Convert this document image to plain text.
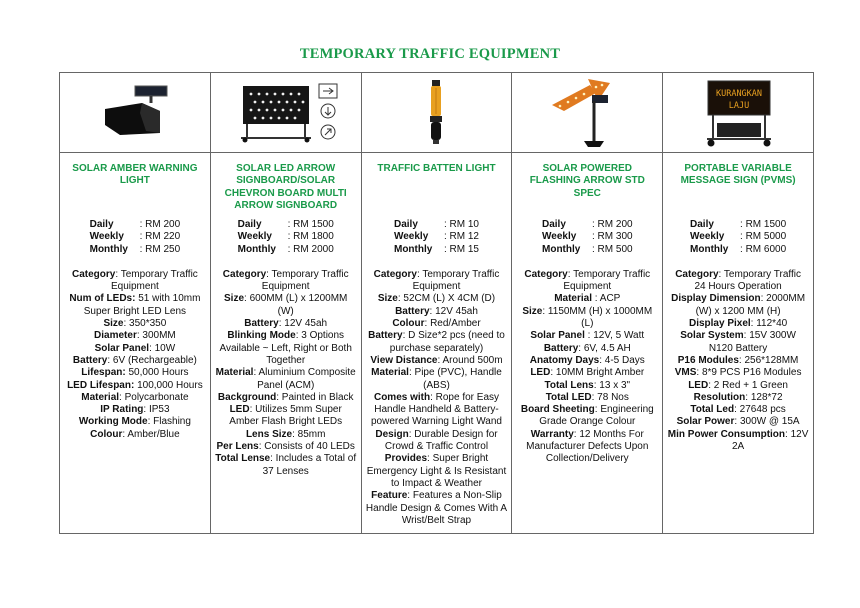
TEMPORARY TRAFFIC EQUIPMENT
SOLAR AMBER WARNING LIGHT
Daily	: RM 200
Weekly	: RM 220
Monthly	: RM 250
Category: Temporary Traffic Equipment
Num of LEDs: 51 with 10mm Super Bright LED Lens
Size: 350*350
Diameter: 300MM
Solar Panel: 10W
Battery: 6V (Rechargeable)
Lifespan: 50,000 Hours
LED Lifespan: 100,000 Hours
Material: Polycarbonate
IP Rating: IP53
Working Mode: Flashing
Colour: Amber/Blue
SOLAR LED ARROW SIGNBOARD/SOLAR CHEVRON BOARD MULTI ARROW SIGNBOARD
Daily	: RM 1500
Weekly	: RM 1800
Monthly	: RM 2000
Category: Temporary Traffic Equipment
Size: 600MM (L) x 1200MM (W)
Battery: 12V 45ah
Blinking Mode: 3 Options Available ~ Left, Right or Both Together
Material: Aluminium Composite Panel (ACM)
Background: Painted in Black
LED: Utilizes 5mm Super Amber Flash Bright LEDs
Lens Size: 85mm
Per Lens: Consists of 40 LEDs
Total Lense: Includes a Total of 37 Lenses
TRAFFIC BATTEN LIGHT
Daily	: RM 10
Weekly	: RM 12
Monthly	: RM 15
Category: Temporary Traffic Equipment
Size: 52CM (L) X 4CM (D)
Battery: 12V 45ah
Colour: Red/Amber
Battery: D Size*2 pcs (need to purchase separately)
View Distance: Around 500m
Material: Pipe (PVC), Handle (ABS)
Comes with: Rope for Easy Handle Handheld & Battery-powered Warning Light Wand
Design: Durable Design for Crowd & Traffic Control
Provides: Super Bright Emergency Light & Is Resistant to Impact & Weather
Feature: Features a Non-Slip Handle Design & Comes With A Wrist/Belt Strap
SOLAR POWERED FLASHING ARROW STD SPEC
Daily	: RM 200
Weekly	: RM 300
Monthly	: RM 500
Category: Temporary Traffic Equipment
Material : ACP
Size: 1150MM (H) x 1000MM (L)
Solar Panel : 12V, 5 Watt
Battery: 6V, 4.5 AH
Anatomy Days: 4-5 Days
LED: 10MM Bright Amber
Total Lens: 13 x 3"
Total LED: 78 Nos
Board Sheeting: Engineering Grade Orange Colour
Warranty: 12 Months For Manufacturer Defects Upon Collection/Delivery
KURANGKAN
LAJU
PORTABLE VARIABLE MESSAGE SIGN (PVMS)
Daily	: RM 1500
Weekly	: RM 5000
Monthly	: RM 6000
Category: Temporary Traffic
24 Hours Operation
Display Dimension: 2000MM (W) x 1200 MM (H)
Display Pixel: 112*40
Solar System: 15V 300W N120 Battery
P16 Modules: 256*128MM
VMS: 8*9 PCS P16 Modules
LED: 2 Red + 1 Green
Resolution: 128*72
Total Led: 27648 pcs
Solar Power: 300W @ 15A
Min Power Consumption: 12V 2A
